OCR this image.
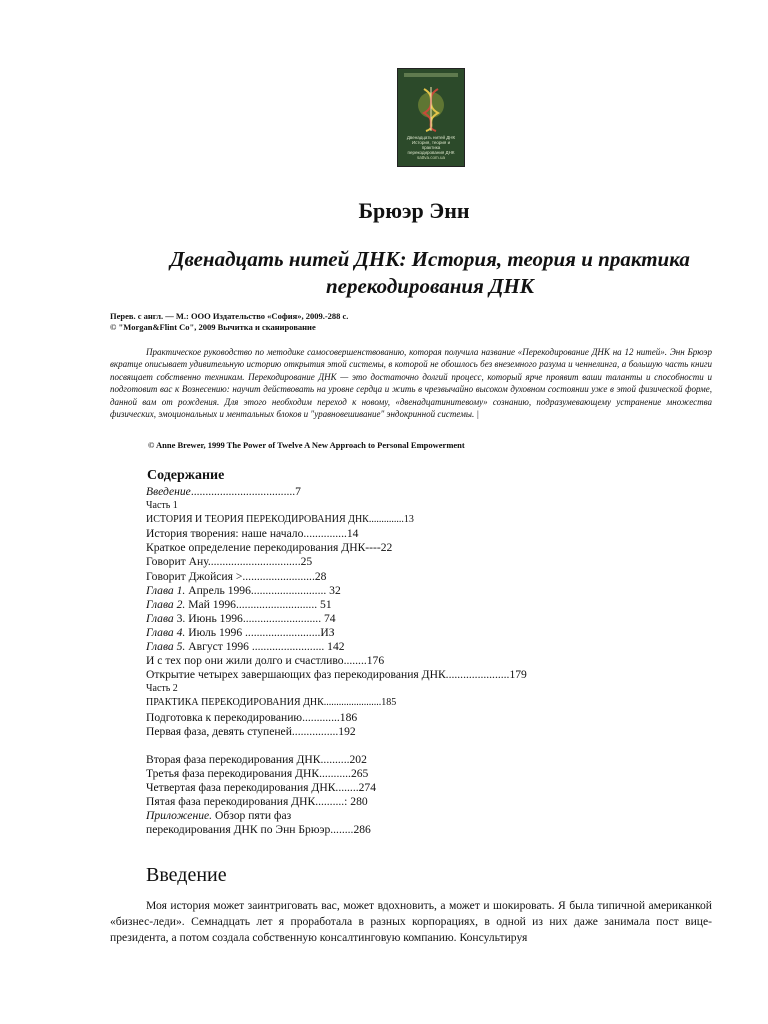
Двенадцать нитей ДНК
История, теория и практика
перекодирования ДНК
sattva.com.ua
Брюэр Энн
Двенадцать нитей ДНК: История, теория и практика перекодирования ДНК
Перев. с англ. — М.: ООО Издательство «София», 2009.-288 с.
© "Morgan&Flint Co", 2009 Вычитка и сканирование
Практическое руководство по методике самосовершенствованию, которая получила название «Перекодирование ДНК на 12 нитей». Энн Брюэр вкратце описывает удивительную историю открытия этой системы, в которой не обошлось без внеземного разума и ченнелинга, а большую часть книги посвящает собственно техникам. Перекодирование ДНК — это достаточно долгий процесс, который ярче проявит ваши таланты и способности и подготовит вас к Вознесению: научит действовать на уровне сердца и жить в чрезвычайно высоком духовном состоянии уже в этой физической форме, данной вам от рождения. Для этого необходим переход к новому, «двенадцатинитевому» сознанию, подразумевающему устранение множества физических, эмоциональных и ментальных блоков и "уравновешивание" эндокринной системы. |
© Anne Brewer, 1999 The Power of Twelve A New Approach to Personal Empowerment
Содержание
Введение....................................7
Часть 1
ИСТОРИЯ И ТЕОРИЯ ПЕРЕКОДИРОВАНИЯ ДНК..............13
История творения: наше начало...............14
Краткое определение перекодирования ДНК----22
Говорит Ану................................25
Говорит Джойсия >.........................28
Глава 1. Апрель 1996.......................... 32
Глава 2. Май 1996............................ 51
Глава 3. Июнь 1996........................... 74
Глава 4. Июль 1996 ..........................ИЗ
Глава 5. Август 1996 ......................... 142
И с тех пор они жили долго и счастливо........176
Открытие четырех завершающих фаз перекодирования ДНК......................179
Часть 2
ПРАКТИКА ПЕРЕКОДИРОВАНИЯ ДНК.......................185
Подготовка к перекодированию.............186
Первая фаза, девять ступеней................192
Вторая фаза перекодирования ДНК..........202
Третья фаза перекодирования ДНК...........265
Четвертая фаза перекодирования ДНК........274
Пятая фаза перекодирования ДНК..........: 280
Приложение. Обзор пяти фаз
перекодирования ДНК по Энн Брюэр........286
Введение
Моя история может заинтриговать вас, может вдохновить, а может и шокировать. Я была типичной американкой «бизнес-леди». Семнадцать лет я проработала в разных корпорациях, в одной из них даже занимала пост вице-президента, а потом создала собственную консалтинговую компанию. Консультируя
